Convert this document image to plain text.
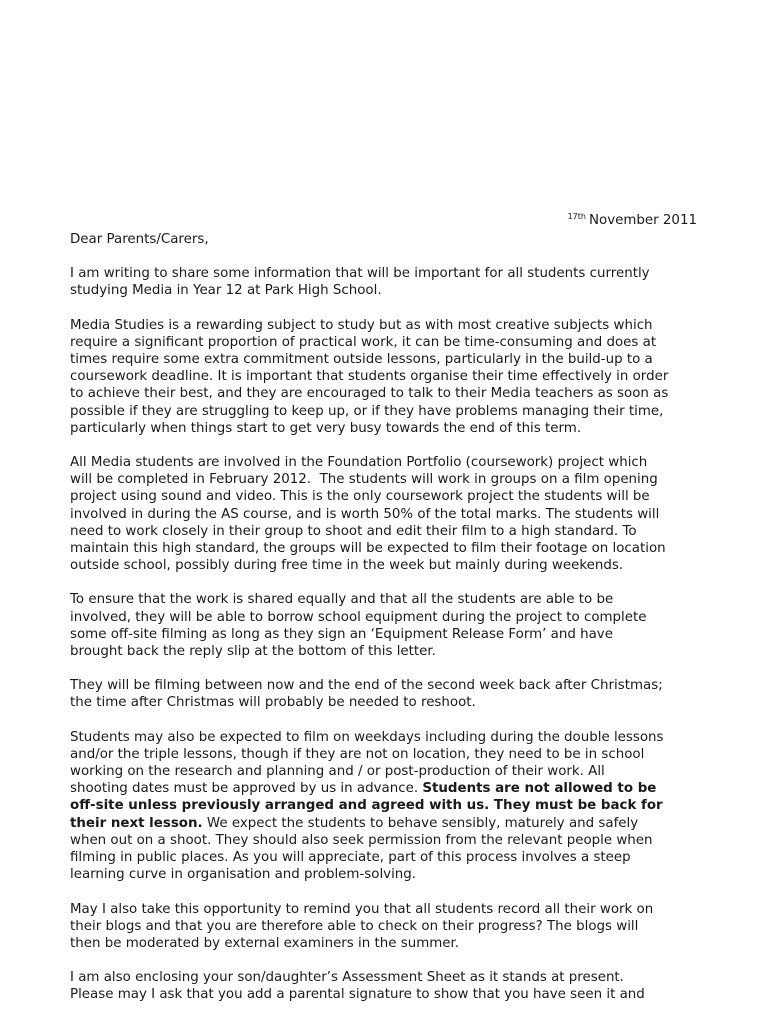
$^{17th}$ November 2011
Dear Parents/Carers,
I am writing to share some information that will be important for all students currently
studying Media in Year 12 at Park High School.
Media Studies is a rewarding subject to study but as with most creative subjects which
require a significant proportion of practical work, it can be time-consuming and does at
times require some extra commitment outside lessons, particularly in the build-up to a
coursework deadline. It is important that students organise their time effectively in order
to achieve their best, and they are encouraged to talk to their Media teachers as soon as
possible if they are struggling to keep up, or if they have problems managing their time,
particularly when things start to get very busy towards the end of this term.
All Media students are involved in the Foundation Portfolio (coursework) project which
will be completed in February 2012.  The students will work in groups on a film opening
project using sound and video. This is the only coursework project the students will be
involved in during the AS course, and is worth 50% of the total marks. The students will
need to work closely in their group to shoot and edit their film to a high standard. To
maintain this high standard, the groups will be expected to film their footage on location
outside school, possibly during free time in the week but mainly during weekends.
To ensure that the work is shared equally and that all the students are able to be
involved, they will be able to borrow school equipment during the project to complete
some off-site filming as long as they sign an ‘Equipment Release Form’ and have
brought back the reply slip at the bottom of this letter.
They will be filming between now and the end of the second week back after Christmas;
the time after Christmas will probably be needed to reshoot.
Students may also be expected to film on weekdays including during the double lessons
and/or the triple lessons, though if they are not on location, they need to be in school
working on the research and planning and / or post-production of their work. All
shooting dates must be approved by us in advance. Students are not allowed to be
off-site unless previously arranged and agreed with us. They must be back for
their next lesson. We expect the students to behave sensibly, maturely and safely
when out on a shoot. They should also seek permission from the relevant people when
filming in public places. As you will appreciate, part of this process involves a steep
learning curve in organisation and problem-solving.
May I also take this opportunity to remind you that all students record all their work on
their blogs and that you are therefore able to check on their progress? The blogs will
then be moderated by external examiners in the summer.
I am also enclosing your son/daughter’s Assessment Sheet as it stands at present.
Please may I ask that you add a parental signature to show that you have seen it and
